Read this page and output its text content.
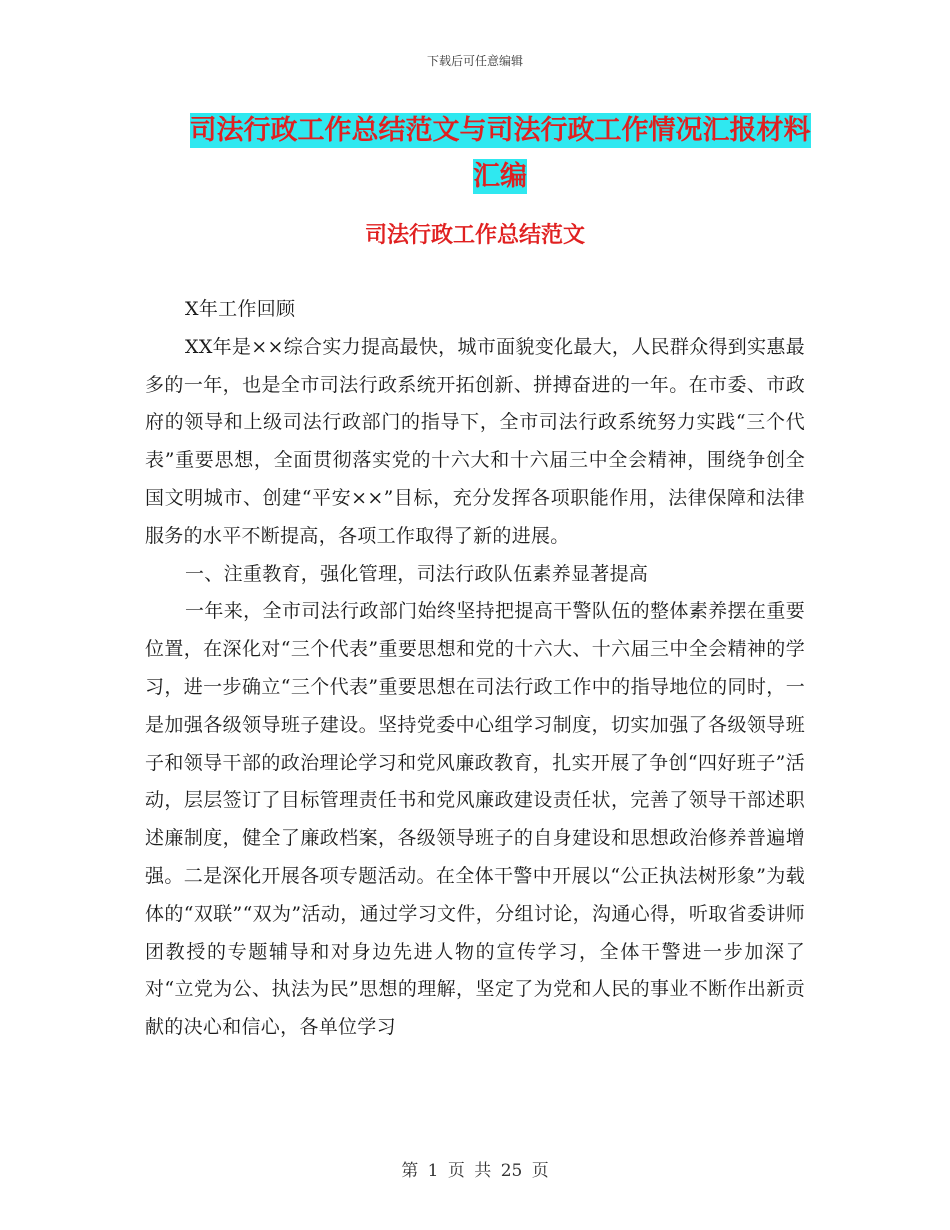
下载后可任意编辑
司法行政工作总结范文与司法行政工作情况汇报材料
汇编
司法行政工作总结范文

X年工作回顾

XX年是××综合实力提高最快，城市面貌变化最大，人民群众得到实惠最多的一年，也是全市司法行政系统开拓创新、拼搏奋进的一年。在市委、市政府的领导和上级司法行政部门的指导下，全市司法行政系统努力实践“三个代表”重要思想，全面贯彻落实党的十六大和十六届三中全会精神，围绕争创全国文明城市、创建“平安××”目标，充分发挥各项职能作用，法律保障和法律服务的水平不断提高，各项工作取得了新的进展。

一、注重教育，强化管理，司法行政队伍素养显著提高

一年来，全市司法行政部门始终坚持把提高干警队伍的整体素养摆在重要位置，在深化对“三个代表”重要思想和党的十六大、十六届三中全会精神的学习，进一步确立“三个代表”重要思想在司法行政工作中的指导地位的同时，一是加强各级领导班子建设。坚持党委中心组学习制度，切实加强了各级领导班子和领导干部的政治理论学习和党风廉政教育，扎实开展了争创“四好班子”活动，层层签订了目标管理责任书和党风廉政建设责任状，完善了领导干部述职述廉制度，健全了廉政档案，各级领导班子的自身建设和思想政治修养普遍增强。二是深化开展各项专题活动。在全体干警中开展以“公正执法树形象”为载体的“双联”“双为”活动，通过学习文件，分组讨论，沟通心得，听取省委讲师团教授的专题辅导和对身边先进人物的宣传学习，全体干警进一步加深了对“立党为公、执法为民”思想的理解，坚定了为党和人民的事业不断作出新贡献的决心和信心，各单位学习

第 1 页 共 25 页
